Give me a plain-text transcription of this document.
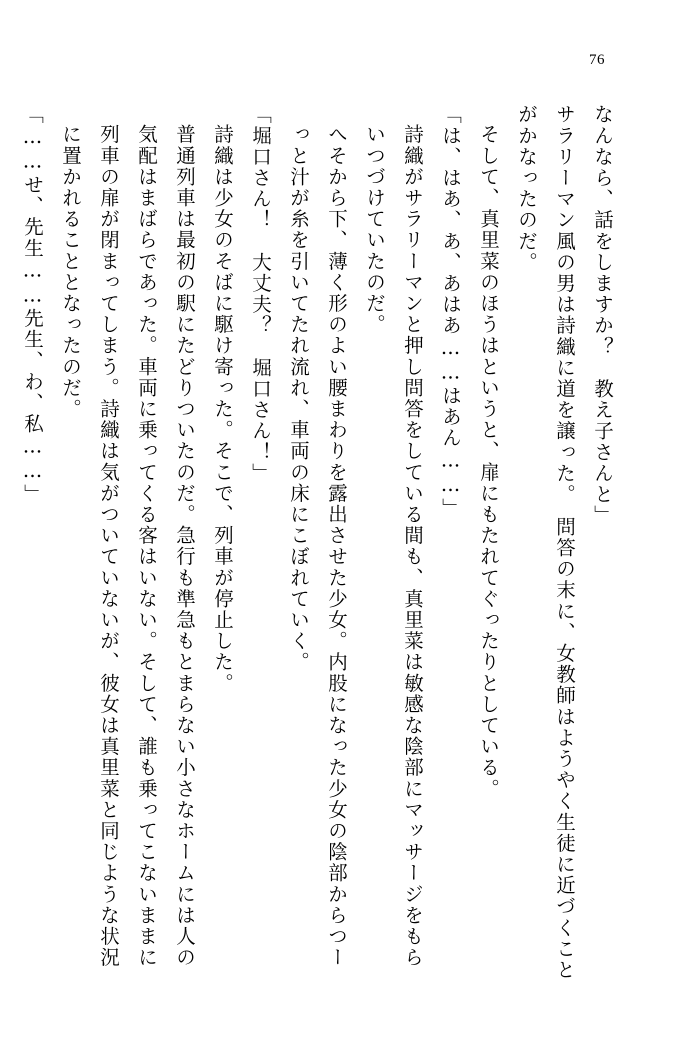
76

なんなら、話をしますか？　教え子さんと」

サラリーマン風の男は詩織に道を譲った。　問答の末に、女教師はようやく生徒に近づくことがかなったのだ。

そして、真里菜のほうはというと、扉にもたれてぐったりとしている。

「は、はあ、あ、あはあ……はあん……」

詩織がサラリーマンと押し問答をしている間も、真里菜は敏感な陰部にマッサージをもらいつづけていたのだ。

へそから下、薄く形のよい腰まわりを露出させた少女。内股になった少女の陰部からつーっと汁が糸を引いてたれ流れ、車両の床にこぼれていく。

「堀口さん！　大丈夫？　堀口さん！」

詩織は少女のそばに駆け寄った。そこで、列車が停止した。

普通列車は最初の駅にたどりついたのだ。急行も準急もとまらない小さなホームには人の気配はまばらであった。車両に乗ってくる客はいない。そして、誰も乗ってこないままに列車の扉が閉まってしまう。詩織は気がついていないが、彼女は真里菜と同じような状況に置かれることとなったのだ。

「……せ、先生……先生、わ、私……」
